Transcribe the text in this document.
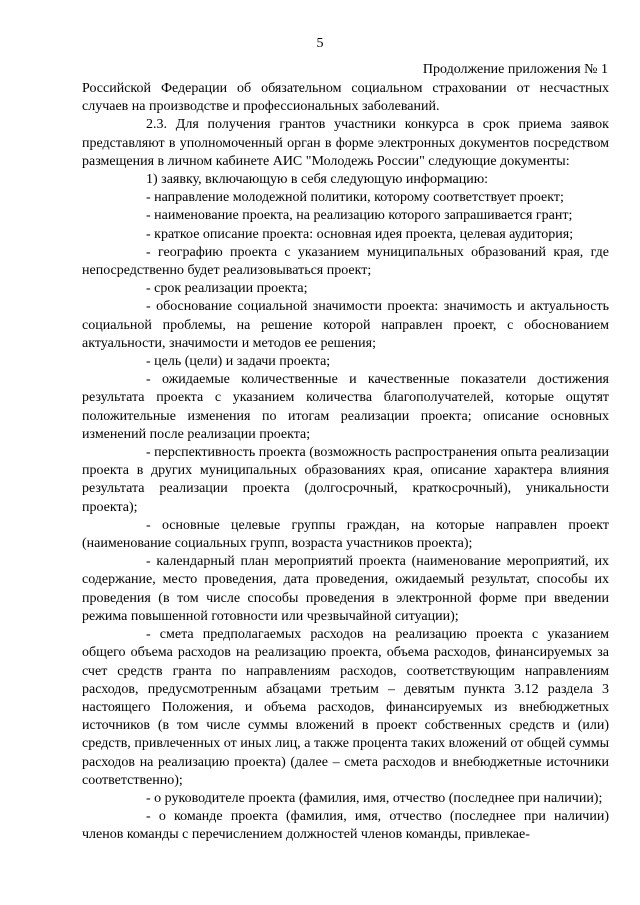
5
Продолжение приложения № 1

Российской Федерации об обязательном социальном страховании от несчастных случаев на производстве и профессиональных заболеваний.

2.3. Для получения грантов участники конкурса в срок приема заявок представляют в уполномоченный орган в форме электронных документов посредством размещения в личном кабинете АИС "Молодежь России" следующие документы:

1) заявку, включающую в себя следующую информацию:

- направление молодежной политики, которому соответствует проект;

- наименование проекта, на реализацию которого запрашивается грант;

- краткое описание проекта: основная идея проекта, целевая аудитория;

- географию проекта с указанием муниципальных образований края, где непосредственно будет реализовываться проект;

- срок реализации проекта;

- обоснование социальной значимости проекта: значимость и актуальность социальной проблемы, на решение которой направлен проект, с обоснованием актуальности, значимости и методов ее решения;

- цель (цели) и задачи проекта;

- ожидаемые количественные и качественные показатели достижения результата проекта с указанием количества благополучателей, которые ощутят положительные изменения по итогам реализации проекта; описание основных изменений после реализации проекта;

- перспективность проекта (возможность распространения опыта реализации проекта в других муниципальных образованиях края, описание характера влияния результата реализации проекта (долгосрочный, краткосрочный), уникальности проекта);

- основные целевые группы граждан, на которые направлен проект (наименование социальных групп, возраста участников проекта);

- календарный план мероприятий проекта (наименование мероприятий, их содержание, место проведения, дата проведения, ожидаемый результат, способы их проведения (в том числе способы проведения в электронной форме при введении режима повышенной готовности или чрезвычайной ситуации);

- смета предполагаемых расходов на реализацию проекта с указанием общего объема расходов на реализацию проекта, объема расходов, финансируемых за счет средств гранта по направлениям расходов, соответствующим направлениям расходов, предусмотренным абзацами третьим – девятым пункта 3.12 раздела 3 настоящего Положения, и объема расходов, финансируемых из внебюджетных источников (в том числе суммы вложений в проект собственных средств и (или) средств, привлеченных от иных лиц, а также процента таких вложений от общей суммы расходов на реализацию проекта) (далее – смета расходов и внебюджетные источники соответственно);

- о руководителе проекта (фамилия, имя, отчество (последнее при наличии);

- о команде проекта (фамилия, имя, отчество (последнее при наличии) членов команды с перечислением должностей членов команды, привлекае-
